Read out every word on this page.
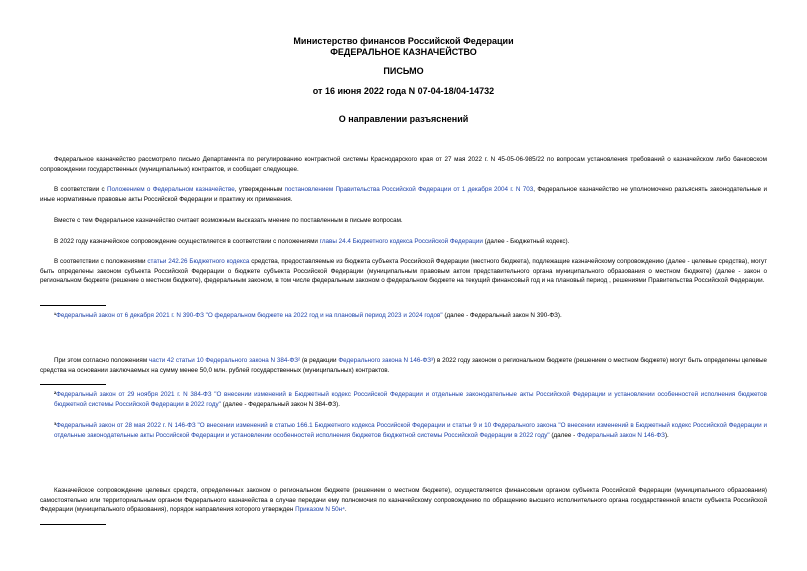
Министерство финансов Российской Федерации
ФЕДЕРАЛЬНОЕ КАЗНАЧЕЙСТВО
ПИСЬМО
от 16 июня 2022 года N 07-04-18/04-14732
О направлении разъяснений
Федеральное казначейство рассмотрело письмо Департамента по регулированию контрактной системы Краснодарского края от 27 мая 2022 г. N 45-05-06-985/22 по вопросам установления требований о казначейском либо банковском сопровождении государственных (муниципальных) контрактов, и сообщает следующее.
В соответствии с Положением о Федеральном казначействе, утвержденным постановлением Правительства Российской Федерации от 1 декабря 2004 г. N 703, Федеральное казначейство не уполномочено разъяснять законодательные и иные нормативные правовые акты Российской Федерации и практику их применения.
Вместе с тем Федеральное казначейство считает возможным высказать мнение по поставленным в письме вопросам.
В 2022 году казначейское сопровождение осуществляется в соответствии с положениями главы 24.4 Бюджетного кодекса Российской Федерации (далее - Бюджетный кодекс).
В соответствии с положениями статьи 242.26 Бюджетного кодекса средства, предоставляемые из бюджета субъекта Российской Федерации (местного бюджета), подлежащие казначейскому сопровождению (далее - целевые средства), могут быть определены законом субъекта Российской Федерации о бюджете субъекта Российской Федерации (муниципальным правовым актом представительного органа муниципального образования о местном бюджете) (далее - закон о региональном бюджете (решение о местном бюджете), федеральным законом, в том числе федеральным законом о федеральном бюджете на текущий финансовый год и на плановый период , решениями Правительства Российской Федерации.
¹Федеральный закон от 6 декабря 2021 г. N 390-ФЗ "О федеральном бюджете на 2022 год и на плановый период 2023 и 2024 годов" (далее - Федеральный закон N 390-ФЗ).
При этом согласно положениям части 42 статьи 10 Федерального закона N 384-ФЗ² (в редакции Федерального закона N 146-ФЗ³) в 2022 году законом о региональном бюджете (решением о местном бюджете) могут быть определены целевые средства на основании заключаемых на сумму менее 50,0 млн. рублей государственных (муниципальных) контрактов.
²Федеральный закон от 29 ноября 2021 г. N 384-ФЗ "О внесении изменений в Бюджетный кодекс Российской Федерации и отдельные законодательные акты Российской Федерации и установлении особенностей исполнения бюджетов бюджетной системы Российской Федерации в 2022 году" (далее - Федеральный закон N 384-ФЗ).
³Федеральный закон от 28 мая 2022 г. N 146-ФЗ "О внесении изменений в статью 166.1 Бюджетного кодекса Российской Федерации и статьи 9 и 10 Федерального закона "О внесении изменений в Бюджетный кодекс Российской Федерации и отдельные законодательные акты Российской Федерации и установлении особенностей исполнения бюджетов бюджетной системы Российской Федерации в 2022 году" (далее - Федеральный закон N 146-ФЗ).
Казначейское сопровождение целевых средств, определенных законом о региональном бюджете (решением о местном бюджете), осуществляется финансовым органом субъекта Российской Федерации (муниципального образования) самостоятельно или территориальным органом Федерального казначейства в случае передачи ему полномочия по казначейскому сопровождению по обращению высшего исполнительного органа государственной власти субъекта Российской Федерации (муниципального образования), порядок направления которого утвержден Приказом N 50н⁴.
